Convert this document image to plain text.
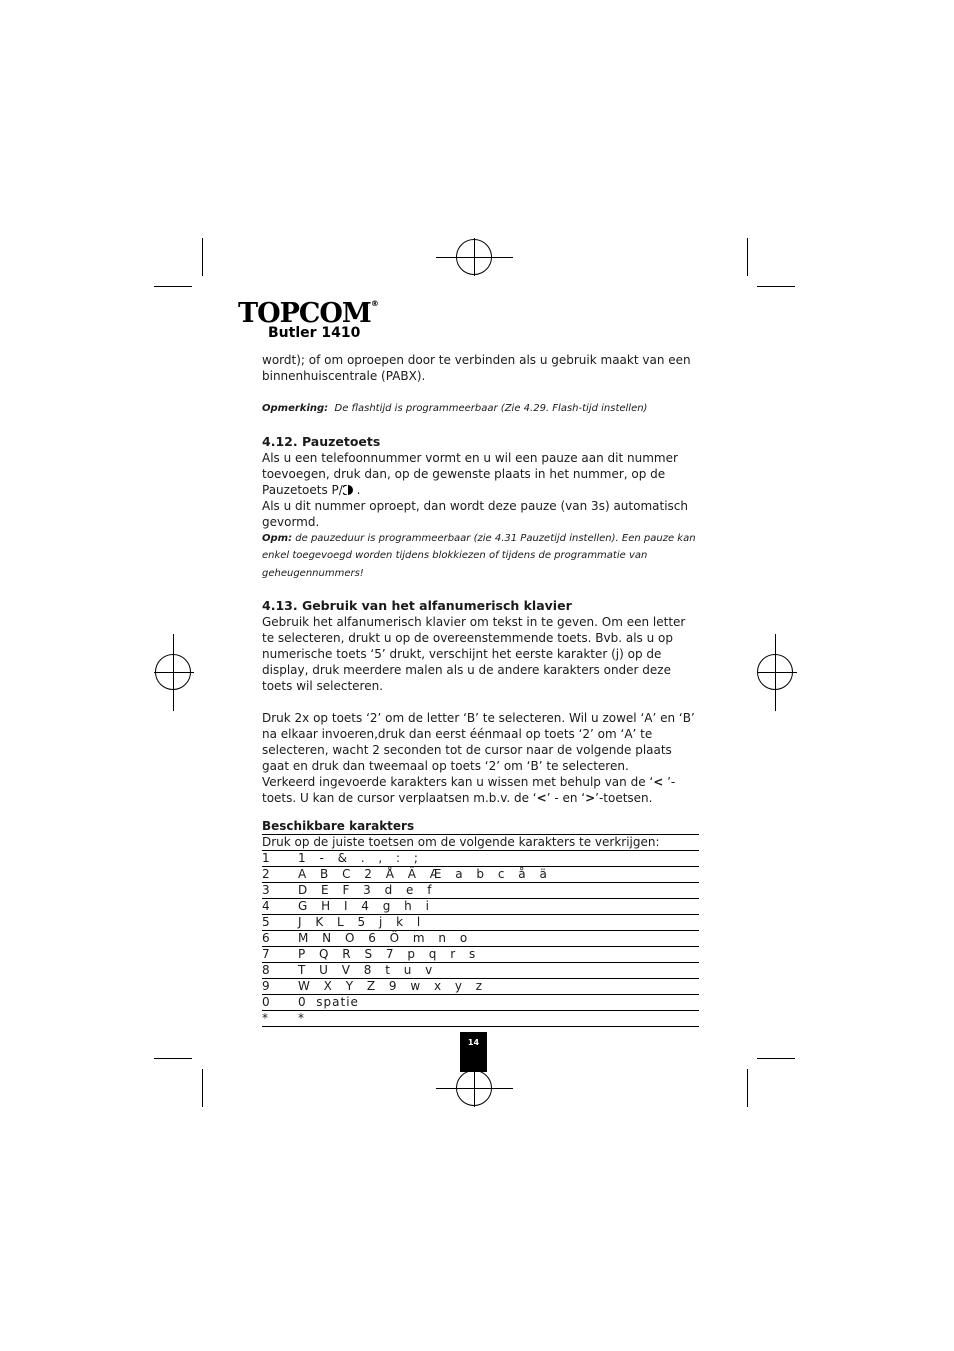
TOPCOM®
Butler 1410

wordt); of om oproepen door te verbinden als u gebruik maakt van een binnenhuiscentrale (PABX).

Opmerking: De flashtijd is programmeerbaar (Zie 4.29. Flash-tijd instellen)

4.12. Pauzetoets

Als u een telefoonnummer vormt en u wil een pauze aan dit nummer toevoegen, druk dan, op de gewenste plaats in het nummer, op de Pauzetoets P/ .

Als u dit nummer oproept, dan wordt deze pauze (van 3s) automatisch gevormd.

Opm: de pauzeduur is programmeerbaar (zie 4.31 Pauzetijd instellen). Een pauze kan enkel toegevoegd worden tijdens blokkiezen of tijdens de programmatie van geheugennummers!

4.13. Gebruik van het alfanumerisch klavier

Gebruik het alfanumerisch klavier om tekst in te geven. Om een letter te selecteren, drukt u op de overeenstemmende toets. Bvb. als u op numerische toets ‘5’ drukt, verschijnt het eerste karakter (j) op de display, druk meerdere malen als u de andere karakters onder deze toets wil selecteren.

Druk 2x op toets ‘2’ om de letter ‘B’ te selecteren. Wil u zowel ‘A’ en ‘B’ na elkaar invoeren,druk dan eerst éénmaal op toets ‘2’ om ‘A’ te selecteren, wacht 2 seconden tot de cursor naar de volgende plaats gaat en druk dan tweemaal op toets ‘2’ om ‘B’ te selecteren.

Verkeerd ingevoerde karakters kan u wissen met behulp van de ‘< ’-toets. U kan de cursor verplaatsen m.b.v. de ‘<’ - en ‘>’-toetsen.

Beschikbare karakters

Druk op de juiste toetsen om de volgende karakters te verkrijgen:	
1	1 - & . , : ;
2	A B C 2 Å Ä Æ a b c å ä
3	D E F 3 d e f
4	G H I 4 g h i
5	J K L 5 j k l
6	M N O 6 Ö m n o
7	P Q R S 7 p q r s
8	T U V 8 t u v
9	W X Y Z 9 w x y z
0	0  spatie
*	*
14
